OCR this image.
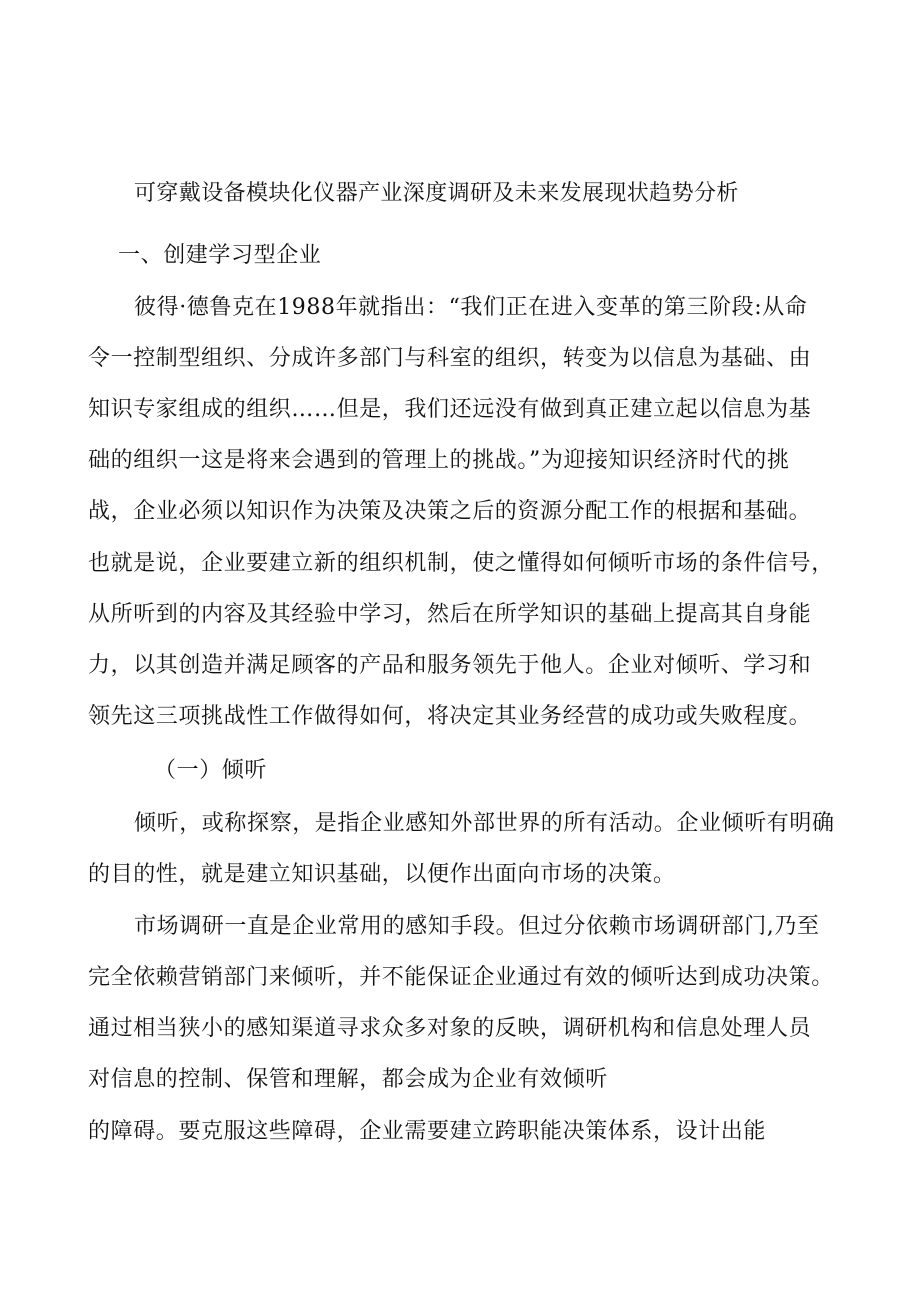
可穿戴设备模块化仪器产业深度调研及未来发展现状趋势分析
一、创建学习型企业
彼得·德鲁克在1988年就指出：“我们正在进入变革的第三阶段:从命
令一控制型组织、分成许多部门与科室的组织，转变为以信息为基础、由
知识专家组成的组织……但是，我们还远没有做到真正建立起以信息为基
础的组织一这是将来会遇到的管理上的挑战。”为迎接知识经济时代的挑
战，企业必须以知识作为决策及决策之后的资源分配工作的根据和基础。
也就是说，企业要建立新的组织机制，使之懂得如何倾听市场的条件信号，
从所听到的内容及其经验中学习，然后在所学知识的基础上提高其自身能
力，以其创造并满足顾客的产品和服务领先于他人。企业对倾听、学习和
领先这三项挑战性工作做得如何，将决定其业务经营的成功或失败程度。
（一）倾听
倾听，或称探察，是指企业感知外部世界的所有活动。企业倾听有明确
的目的性，就是建立知识基础，以便作出面向市场的决策。
市场调研一直是企业常用的感知手段。但过分依赖市场调研部门,乃至
完全依赖营销部门来倾听，并不能保证企业通过有效的倾听达到成功决策。
通过相当狭小的感知渠道寻求众多对象的反映，调研机构和信息处理人员
对信息的控制、保管和理解，都会成为企业有效倾听
的障碍。要克服这些障碍，企业需要建立跨职能决策体系，设计出能
